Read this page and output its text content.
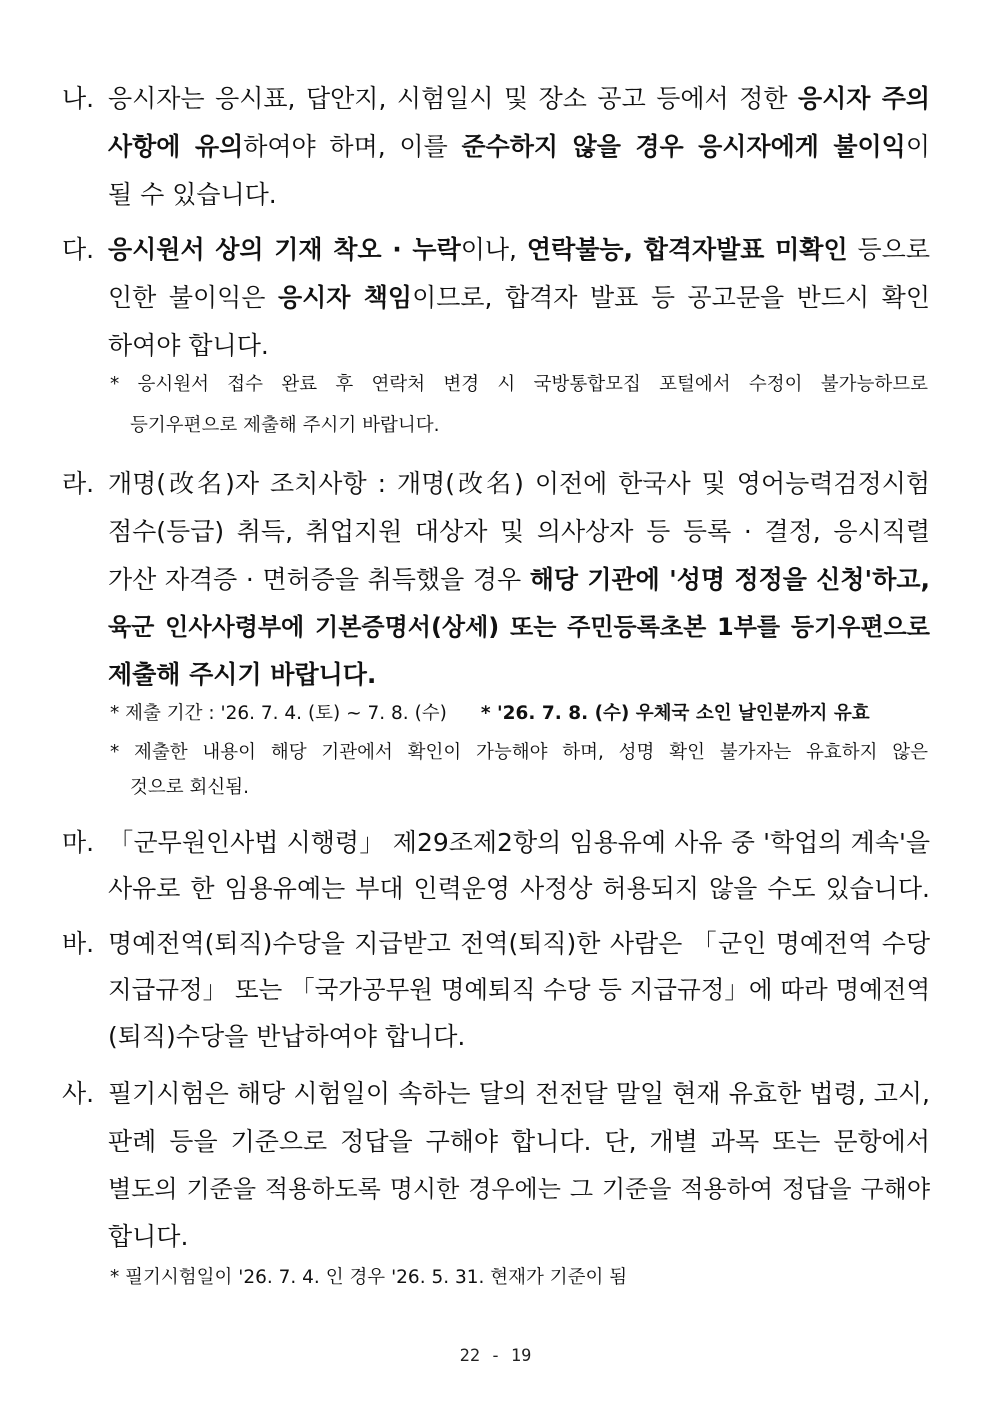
나. 응시자는 응시표, 답안지, 시험일시 및 장소 공고 등에서 정한 응시자 주의
사항에 유의하여야 하며, 이를 준수하지 않을 경우 응시자에게 불이익이
될 수 있습니다.
다. 응시원서 상의 기재 착오 · 누락이나, 연락불능, 합격자발표 미확인 등으로
인한 불이익은 응시자 책임이므로, 합격자 발표 등 공고문을 반드시 확인
하여야 합니다.
* 응시원서 접수 완료 후 연락처 변경 시 국방통합모집 포털에서 수정이 불가능하므로
등기우편으로 제출해 주시기 바랍니다.
라. 개명(改名)자 조치사항 : 개명(改名) 이전에 한국사 및 영어능력검정시험
점수(등급) 취득, 취업지원 대상자 및 의사상자 등 등록 · 결정, 응시직렬
가산 자격증 · 면허증을 취득했을 경우 해당 기관에 '성명 정정을 신청'하고,
육군 인사사령부에 기본증명서(상세) 또는 주민등록초본 1부를 등기우편으로
제출해 주시기 바랍니다.
* 제출 기간 : '26. 7. 4. (토) ~ 7. 8. (수) * '26. 7. 8. (수) 우체국 소인 날인분까지 유효
* 제출한 내용이 해당 기관에서 확인이 가능해야 하며, 성명 확인 불가자는 유효하지 않은
것으로 회신됨.
마. 「군무원인사법 시행령」 제29조제2항의 임용유예 사유 중 '학업의 계속'을
사유로 한 임용유예는 부대 인력운영 사정상 허용되지 않을 수도 있습니다.
바. 명예전역(퇴직)수당을 지급받고 전역(퇴직)한 사람은 「군인 명예전역 수당
지급규정」 또는 「국가공무원 명예퇴직 수당 등 지급규정」에 따라 명예전역
(퇴직)수당을 반납하여야 합니다.
사. 필기시험은 해당 시험일이 속하는 달의 전전달 말일 현재 유효한 법령, 고시,
판례 등을 기준으로 정답을 구해야 합니다. 단, 개별 과목 또는 문항에서
별도의 기준을 적용하도록 명시한 경우에는 그 기준을 적용하여 정답을 구해야
합니다.
* 필기시험일이 '26. 7. 4. 인 경우 '26. 5. 31. 현재가 기준이 됨
22 - 19
